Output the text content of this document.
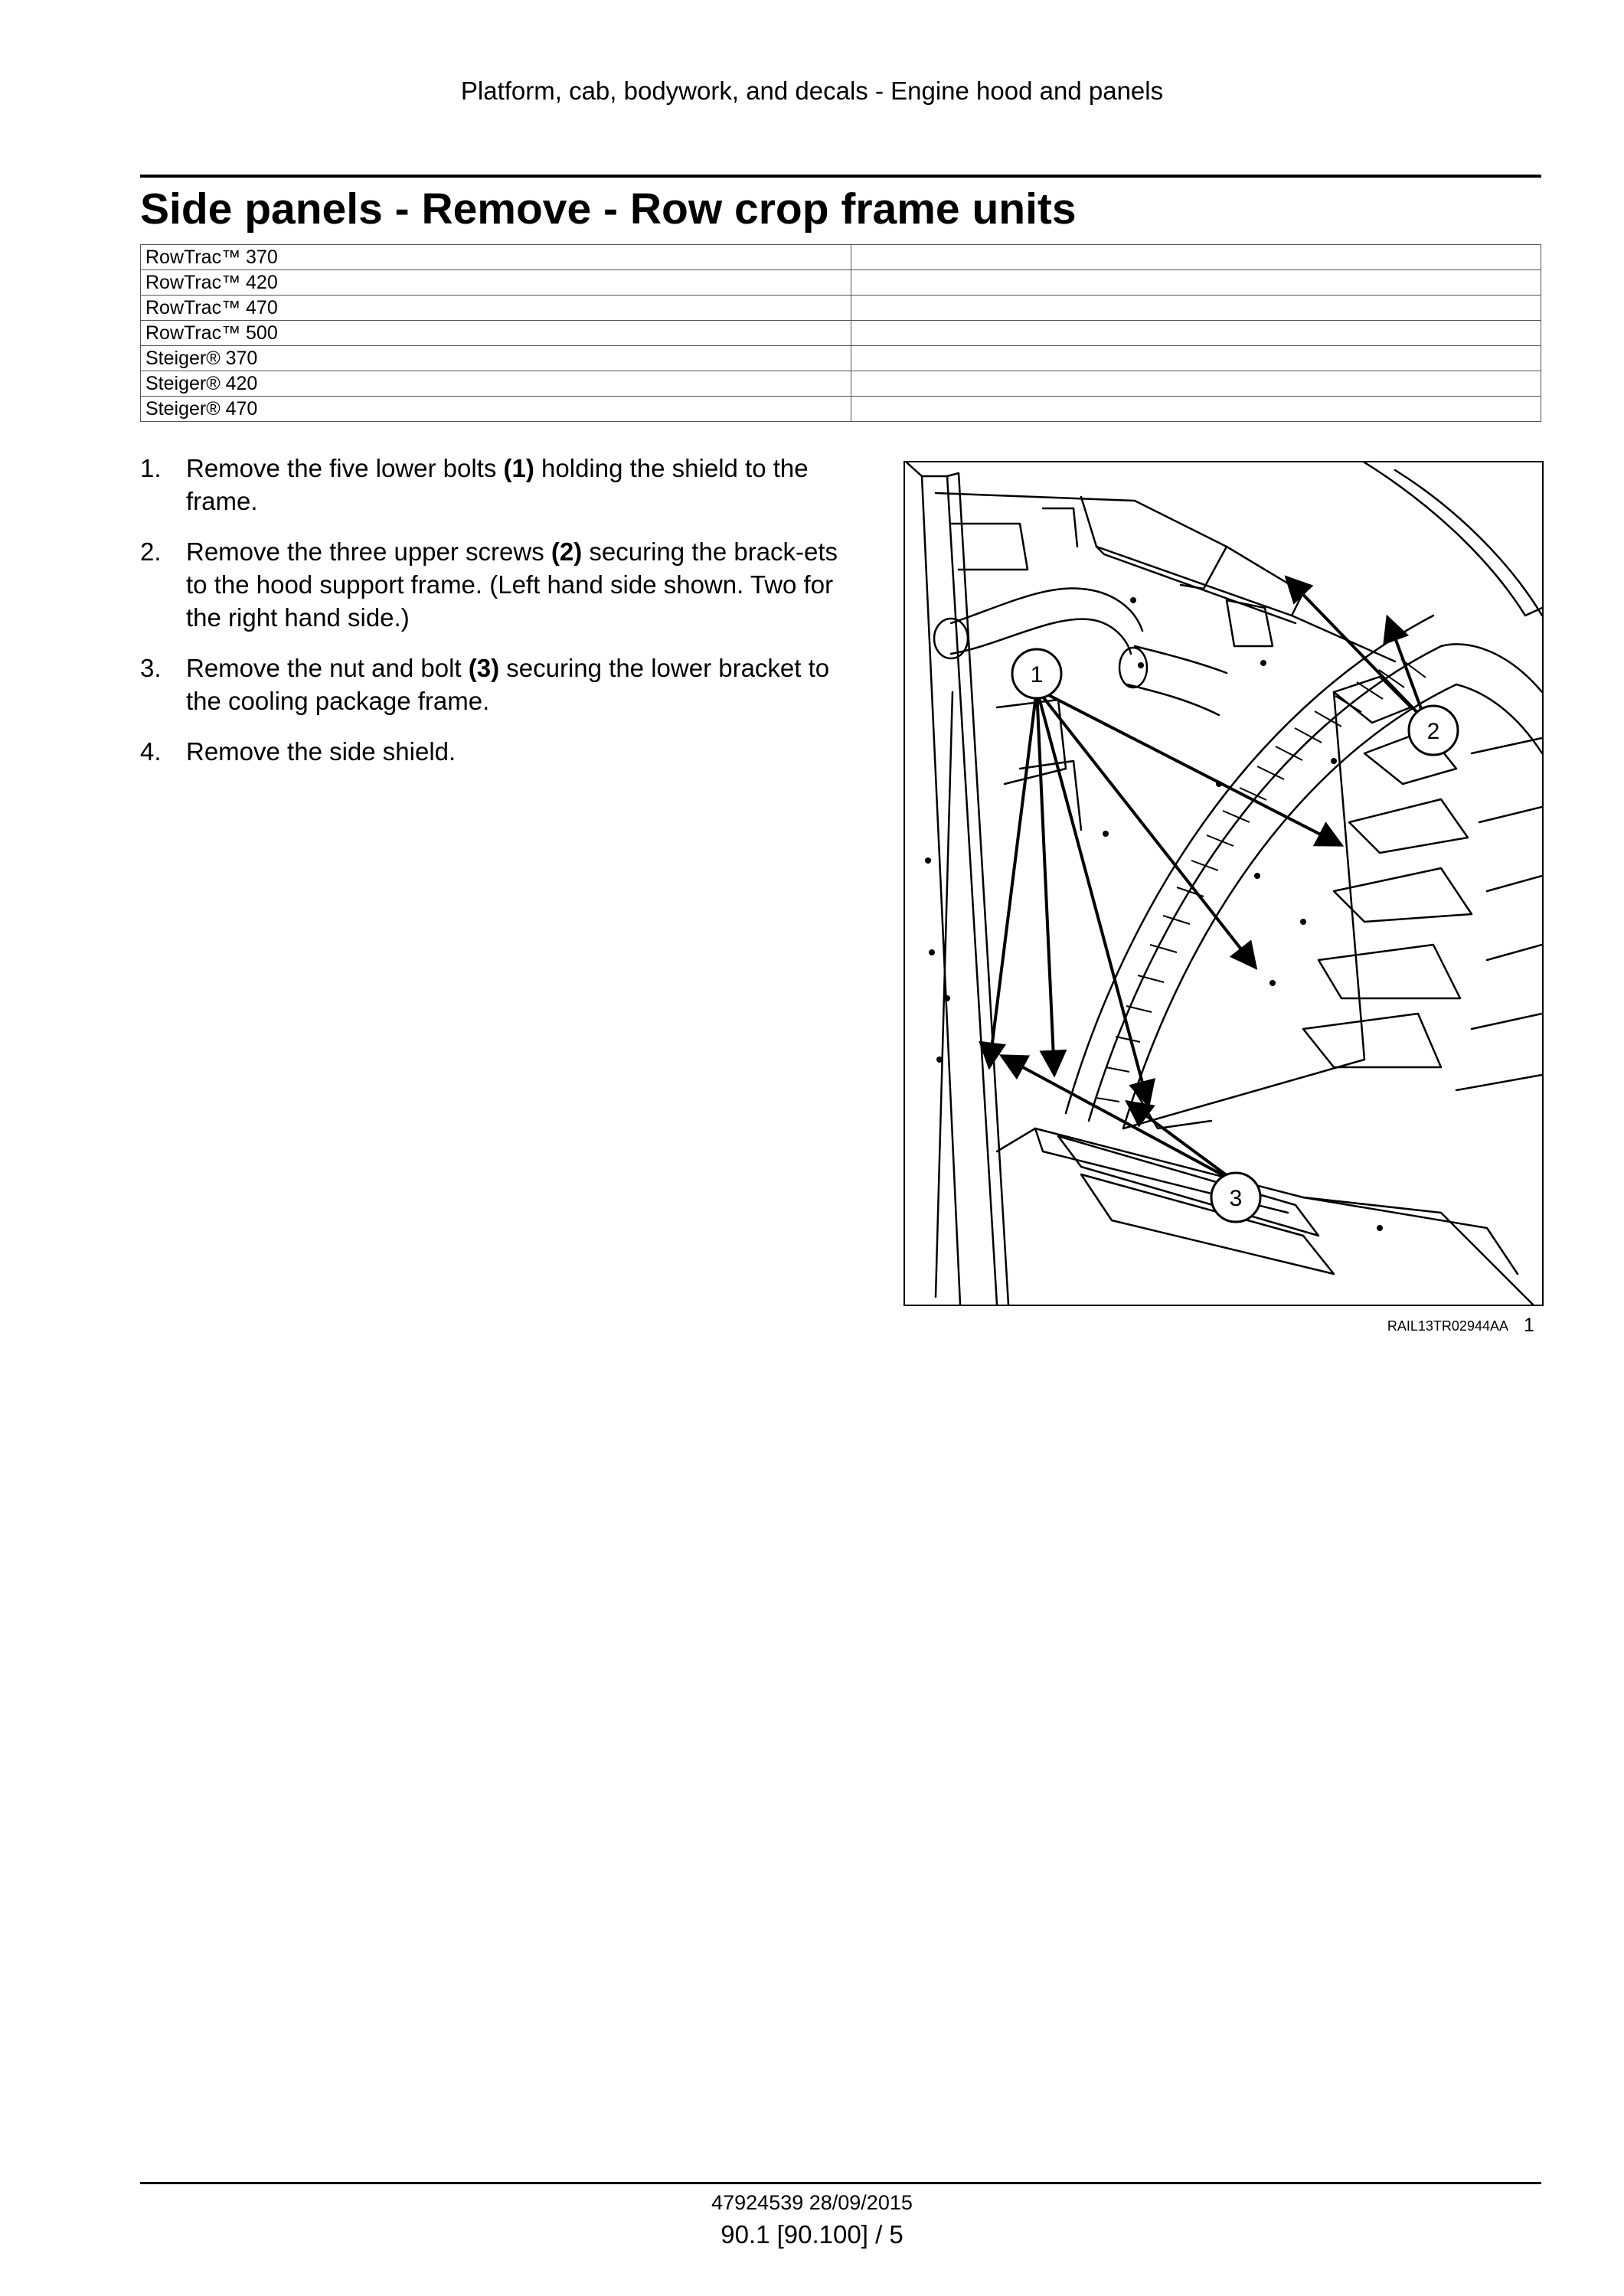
Platform, cab, bodywork, and decals - Engine hood and panels
Side panels - Remove - Row crop frame units
RowTrac™ 370	
RowTrac™ 420	
RowTrac™ 470	
RowTrac™ 500	
Steiger® 370	
Steiger® 420	
Steiger® 470	
1. Remove the five lower bolts (1) holding the shield to the frame.
2. Remove the three upper screws (2) securing the brack-ets to the hood support frame. (Left hand side shown. Two for the right hand side.)
3. Remove the nut and bolt (3) securing the lower bracket to the cooling package frame.
4. Remove the side shield.
1
2
3
RAIL13TR02944AA 1
47924539 28/09/2015
90.1 [90.100] / 5
